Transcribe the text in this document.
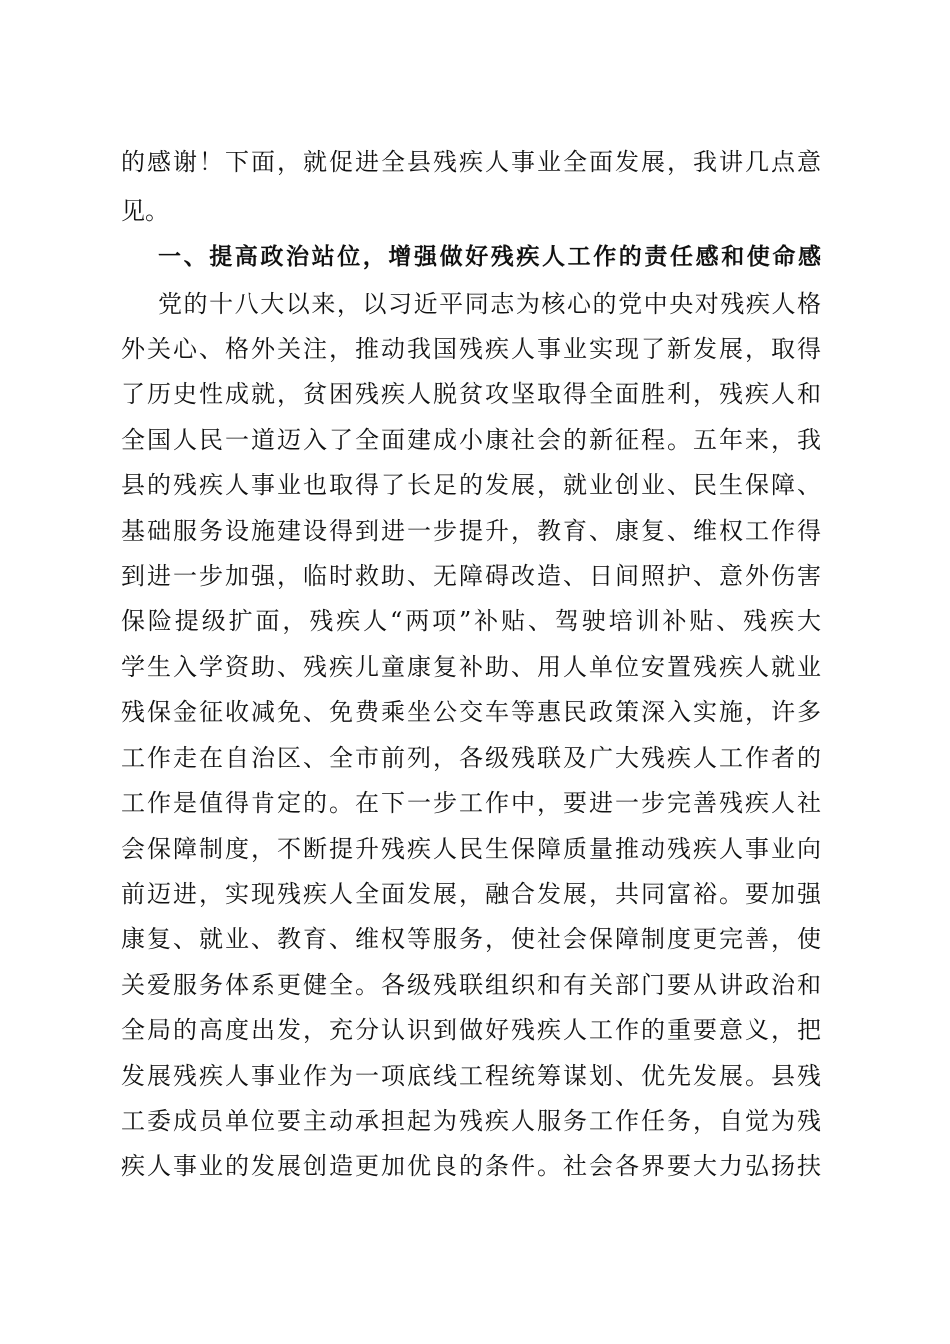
的感谢！下面，就促进全县残疾人事业全面发展，我讲几点意
见。
一、提高政治站位，增强做好残疾人工作的责任感和使命感
党的十八大以来，以习近平同志为核心的党中央对残疾人格
外关心、格外关注，推动我国残疾人事业实现了新发展，取得
了历史性成就，贫困残疾人脱贫攻坚取得全面胜利，残疾人和
全国人民一道迈入了全面建成小康社会的新征程。五年来，我
县的残疾人事业也取得了长足的发展，就业创业、民生保障、
基础服务设施建设得到进一步提升，教育、康复、维权工作得
到进一步加强，临时救助、无障碍改造、日间照护、意外伤害
保险提级扩面，残疾人“两项”补贴、驾驶培训补贴、残疾大
学生入学资助、残疾儿童康复补助、用人单位安置残疾人就业
残保金征收减免、免费乘坐公交车等惠民政策深入实施，许多
工作走在自治区、全市前列，各级残联及广大残疾人工作者的
工作是值得肯定的。在下一步工作中，要进一步完善残疾人社
会保障制度，不断提升残疾人民生保障质量推动残疾人事业向
前迈进，实现残疾人全面发展，融合发展，共同富裕。要加强
康复、就业、教育、维权等服务，使社会保障制度更完善，使
关爱服务体系更健全。各级残联组织和有关部门要从讲政治和
全局的高度出发，充分认识到做好残疾人工作的重要意义，把
发展残疾人事业作为一项底线工程统筹谋划、优先发展。县残
工委成员单位要主动承担起为残疾人服务工作任务，自觉为残
疾人事业的发展创造更加优良的条件。社会各界要大力弘扬扶
